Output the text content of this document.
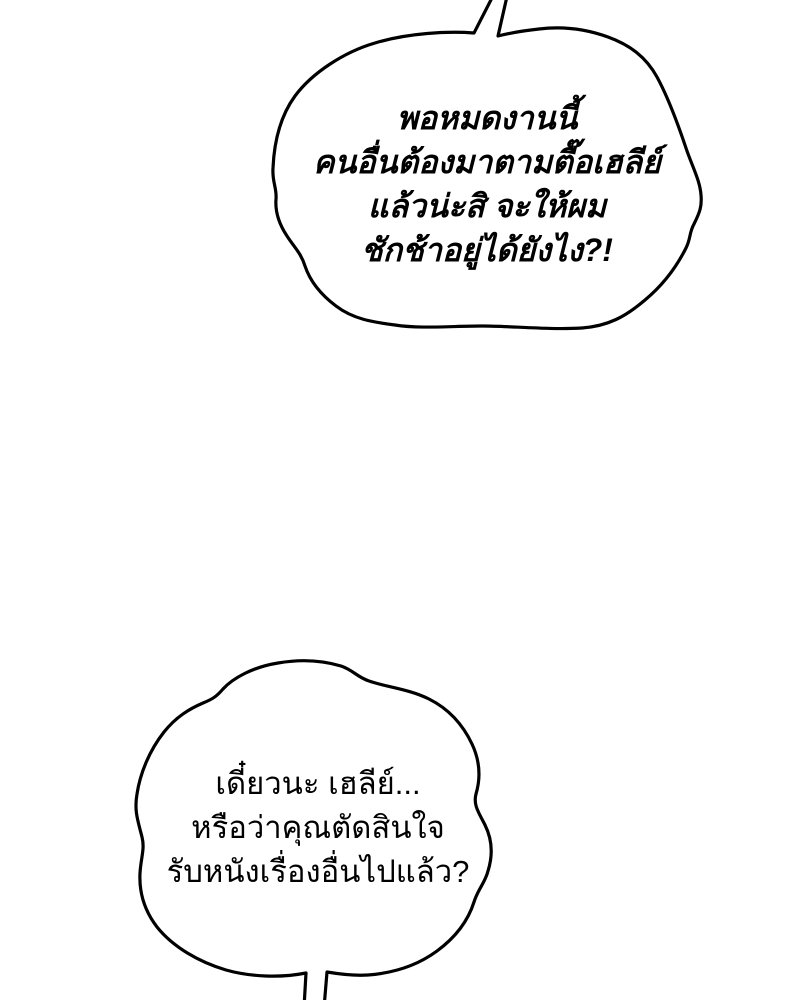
พอหมดงานนี้
คนอื่นต้องมาตามตื๊อเฮลีย์
แล้วน่ะสิ จะให้ผม
ชักช้าอยู่ได้ยังไง?!
เดี๋ยวนะ เฮลีย์...
หรือว่าคุณตัดสินใจ
รับหนังเรื่องอื่นไปแล้ว?
